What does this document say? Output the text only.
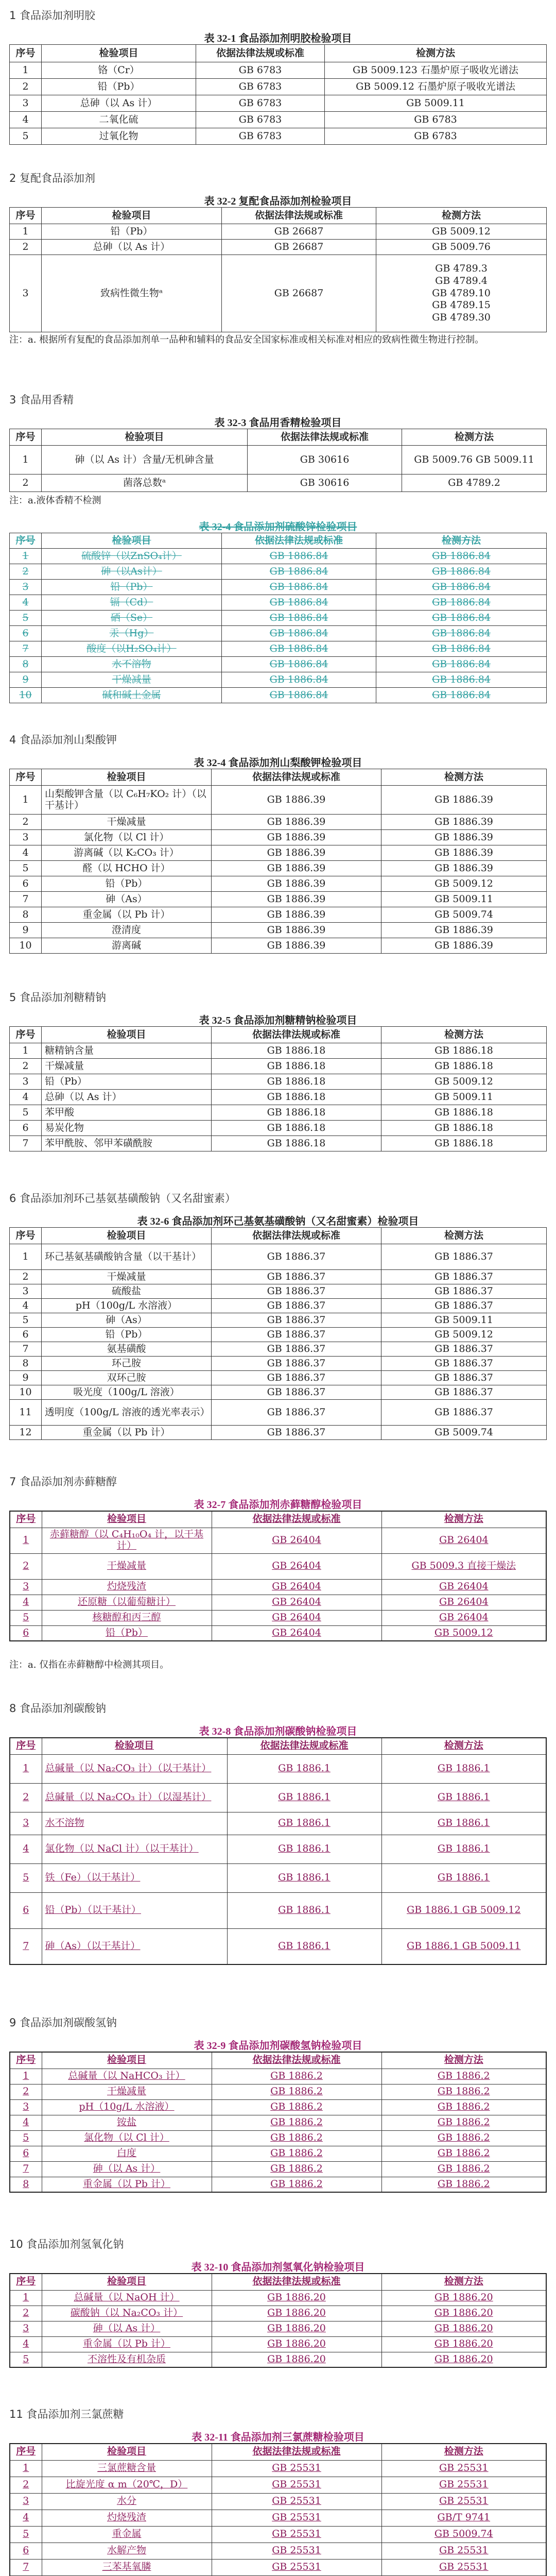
1 食品添加剂明胶
表 32-1 食品添加剂明胶检验项目
序号	检验项目	依据法律法规或标准	检测方法
1	铬（Cr）	GB 6783	GB 5009.123 石墨炉原子吸收光谱法
2	铅（Pb）	GB 6783	GB 5009.12 石墨炉原子吸收光谱法
3	总砷（以 As 计）	GB 6783	GB 5009.11
4	二氧化硫	GB 6783	GB 6783
5	过氧化物	GB 6783	GB 6783
2 复配食品添加剂
表 32-2 复配食品添加剂检验项目
序号	检验项目	依据法律法规或标准	检测方法
1	铅（Pb）	GB 26687	GB 5009.12
2	总砷（以 As 计）	GB 26687	GB 5009.76
3	致病性微生物ᵃ	GB 26687	GB 4789.3
GB 4789.4
GB 4789.10
GB 4789.15
GB 4789.30
注：a. 根据所有复配的食品添加剂单一品种和辅料的食品安全国家标准或相关标准对相应的致病性微生物进行控制。
3 食品用香精
表 32-3 食品用香精检验项目
序号	检验项目	依据法律法规或标准	检测方法
1	砷（以 As 计）含量/无机砷含量	GB 30616	GB 5009.76 GB 5009.11
2	菌落总数ᵃ	GB 30616	GB 4789.2
注：a.液体香精不检测
表 32-4 食品添加剂硫酸锌检验项目
序号	检验项目	依据法律法规或标准	检测方法
1	硫酸锌（以ZnSO₄计）	GB 1886.84	GB 1886.84
2	砷（以As计）	GB 1886.84	GB 1886.84
3	铅（Pb）	GB 1886.84	GB 1886.84
4	镉（Cd）	GB 1886.84	GB 1886.84
5	硒（Se）	GB 1886.84	GB 1886.84
6	汞（Hg）	GB 1886.84	GB 1886.84
7	酸度（以H₂SO₄计）	GB 1886.84	GB 1886.84
8	水不溶物	GB 1886.84	GB 1886.84
9	干燥减量	GB 1886.84	GB 1886.84
10	碱和碱土金属	GB 1886.84	GB 1886.84
4 食品添加剂山梨酸钾
表 32-4 食品添加剂山梨酸钾检验项目
序号	检验项目	依据法律法规或标准	检测方法
1	山梨酸钾含量（以 C₆H₇KO₂ 计）（以干基计）	GB 1886.39	GB 1886.39
2	干燥减量	GB 1886.39	GB 1886.39
3	氯化物（以 Cl 计）	GB 1886.39	GB 1886.39
4	游离碱（以 K₂CO₃ 计）	GB 1886.39	GB 1886.39
5	醛（以 HCHO 计）	GB 1886.39	GB 1886.39
6	铅（Pb）	GB 1886.39	GB 5009.12
7	砷（As）	GB 1886.39	GB 5009.11
8	重金属（以 Pb 计）	GB 1886.39	GB 5009.74
9	澄清度	GB 1886.39	GB 1886.39
10	游离碱	GB 1886.39	GB 1886.39
5 食品添加剂糖精钠
表 32-5 食品添加剂糖精钠检验项目
序号	检验项目	依据法律法规或标准	检测方法
1	糖精钠含量	GB 1886.18	GB 1886.18
2	干燥减量	GB 1886.18	GB 1886.18
3	铅（Pb）	GB 1886.18	GB 5009.12
4	总砷（以 As 计）	GB 1886.18	GB 5009.11
5	苯甲酸	GB 1886.18	GB 1886.18
6	易炭化物	GB 1886.18	GB 1886.18
7	苯甲酰胺、邻甲苯磺酰胺	GB 1886.18	GB 1886.18
6 食品添加剂环己基氨基磺酸钠（又名甜蜜素）
表 32-6 食品添加剂环己基氨基磺酸钠（又名甜蜜素）检验项目
序号	检验项目	依据法律法规或标准	检测方法
1	环己基氨基磺酸钠含量（以干基计）	GB 1886.37	GB 1886.37
2	干燥减量	GB 1886.37	GB 1886.37
3	硫酸盐	GB 1886.37	GB 1886.37
4	pH（100g/L 水溶液）	GB 1886.37	GB 1886.37
5	砷（As）	GB 1886.37	GB 5009.11
6	铅（Pb）	GB 1886.37	GB 5009.12
7	氨基磺酸	GB 1886.37	GB 1886.37
8	环己胺	GB 1886.37	GB 1886.37
9	双环己胺	GB 1886.37	GB 1886.37
10	吸光度（100g/L 溶液）	GB 1886.37	GB 1886.37
11	透明度（100g/L 溶液的透光率表示）	GB 1886.37	GB 1886.37
12	重金属（以 Pb 计）	GB 1886.37	GB 5009.74
7 食品添加剂赤藓糖醇
表 32-7 食品添加剂赤藓糖醇检验项目
序号	检验项目	依据法律法规或标准	检测方法
1	赤藓糖醇（以 C₄H₁₀O₄ 计，以干基计）	GB 26404	GB 26404
2	干燥减量	GB 26404	GB 5009.3 直接干燥法
3	灼烧残渣	GB 26404	GB 26404
4	还原糖（以葡萄糖计）	GB 26404	GB 26404
5	核糖醇和丙三醇	GB 26404	GB 26404
6	铅（Pb）	GB 26404	GB 5009.12
注：a. 仅指在赤藓糖醇中检测其项目。
8 食品添加剂碳酸钠
表 32-8 食品添加剂碳酸钠检验项目
序号	检验项目	依据法律法规或标准	检测方法
1	总碱量（以 Na₂CO₃ 计）（以干基计）	GB 1886.1	GB 1886.1
2	总碱量（以 Na₂CO₃ 计）（以湿基计）	GB 1886.1	GB 1886.1
3	水不溶物	GB 1886.1	GB 1886.1
4	氯化物（以 NaCl 计）（以干基计）	GB 1886.1	GB 1886.1
5	铁（Fe）（以干基计）	GB 1886.1	GB 1886.1
6	铅（Pb）（以干基计）	GB 1886.1	GB 1886.1 GB 5009.12
7	砷（As）（以干基计）	GB 1886.1	GB 1886.1 GB 5009.11
9 食品添加剂碳酸氢钠
表 32-9 食品添加剂碳酸氢钠检验项目
序号	检验项目	依据法律法规或标准	检测方法
1	总碱量（以 NaHCO₃ 计）	GB 1886.2	GB 1886.2
2	干燥减量	GB 1886.2	GB 1886.2
3	pH（10g/L 水溶液）	GB 1886.2	GB 1886.2
4	铵盐	GB 1886.2	GB 1886.2
5	氯化物（以 Cl 计）	GB 1886.2	GB 1886.2
6	白度	GB 1886.2	GB 1886.2
7	砷（以 As 计）	GB 1886.2	GB 1886.2
8	重金属（以 Pb 计）	GB 1886.2	GB 1886.2
10 食品添加剂氢氧化钠
表 32-10 食品添加剂氢氧化钠检验项目
序号	检验项目	依据法律法规或标准	检测方法
1	总碱量（以 NaOH 计）	GB 1886.20	GB 1886.20
2	碳酸钠（以 Na₂CO₃ 计）	GB 1886.20	GB 1886.20
3	砷（以 As 计）	GB 1886.20	GB 1886.20
4	重金属（以 Pb 计）	GB 1886.20	GB 1886.20
5	不溶性及有机杂质	GB 1886.20	GB 1886.20
11 食品添加剂三氯蔗糖
表 32-11 食品添加剂三氯蔗糖检验项目
序号	检验项目	依据法律法规或标准	检测方法
1	三氯蔗糖含量	GB 25531	GB 25531
2	比旋光度 α m（20℃，D）	GB 25531	GB 25531
3	水分	GB 25531	GB 25531
4	灼烧残渣	GB 25531	GB/T 9741
5	重金属	GB 25531	GB 5009.74
6	水解产物	GB 25531	GB 25531
7	三苯基氧膦	GB 25531	GB 25531
